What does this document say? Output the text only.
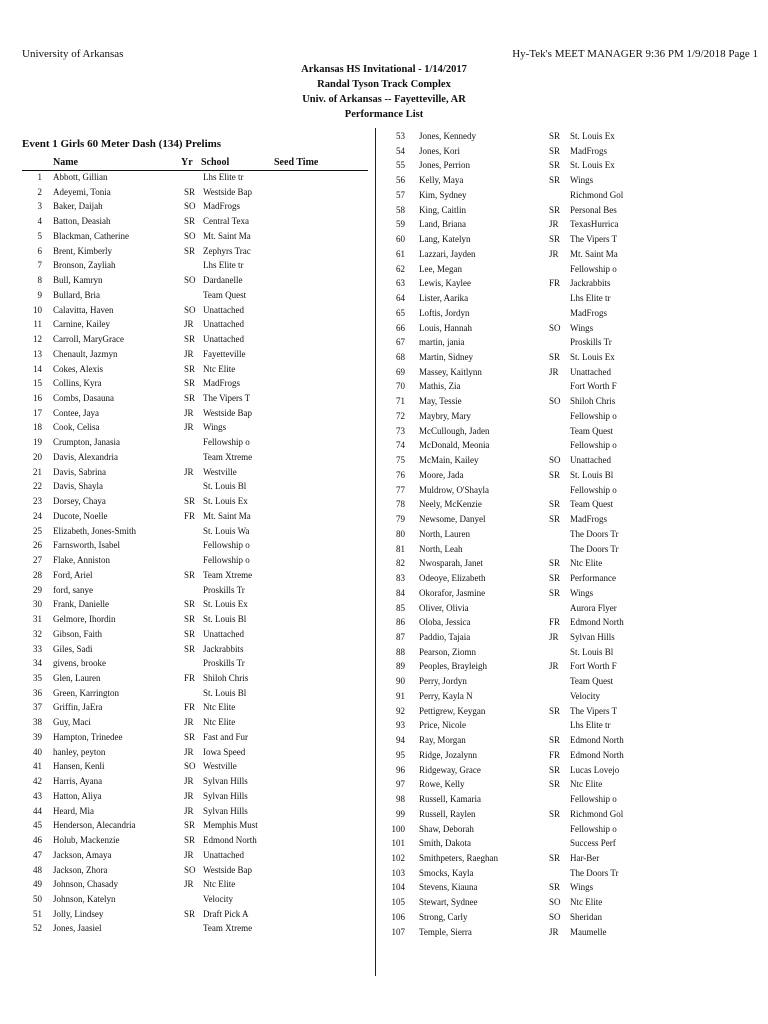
University of Arkansas	Hy-Tek's MEET MANAGER 9:36 PM 1/9/2018 Page 1
Arkansas HS Invitational - 1/14/2017
Randal Tyson Track Complex
Univ. of Arkansas -- Fayetteville, AR
Performance List
Event 1 Girls 60 Meter Dash (134) Prelims
Name	Yr School	Seed Time
1 Abbott, Gillian	Lhs Elite tr
2 Adeyemi, Tonia	SR Westside Bap
3 Baker, Daijah	SO MadFrogs
4 Batton, Deasiah	SR Central Texa
5 Blackman, Catherine	SO Mt. Saint Ma
6 Brent, Kimberly	SR Zephyrs Trac
7 Bronson, Zayliah	Lhs Elite tr
8 Bull, Kamryn	SO Dardanelle
9 Bullard, Bria	Team Quest
10 Calavitta, Haven	SO Unattached
11 Carnine, Kailey	JR	Unattached
12 Carroll, MaryGrace	SR Unattached
13 Chenault, Jazmyn	JR	Fayetteville
14 Cokes, Alexis	SR Ntc Elite
15 Collins, Kyra	SR MadFrogs
16 Combs, Dasauna	SR The Vipers T
17 Contee, Jaya	JR	Westside Bap
18 Cook, Celisa	JR	Wings
19 Crumpton, Janasia	Fellowship o
20 Davis, Alexandria	Team Xtreme
21 Davis, Sabrina	JR	Westville
22 Davis, Shayla	St. Louis Bl
23 Dorsey, Chaya	SR St. Louis Ex
24 Ducote, Noelle	FR Mt. Saint Ma
25 Elizabeth, Jones-Smith	St. Louis Wa
26 Farnsworth, Isabel	Fellowship o
27 Flake, Anniston	Fellowship o
28 Ford, Ariel	SR Team Xtreme
29 ford, sanye	Proskills Tr
30 Frank, Danielle	SR St. Louis Ex
31 Gelmore, Ihordin	SR St. Louis Bl
32 Gibson, Faith	SR Unattached
33 Giles, Sadi	SR Jackrabbits
34 givens, brooke	Proskills Tr
35 Glen, Lauren	FR Shiloh Chris
36 Green, Karrington	St. Louis Bl
37 Griffin, JaEra	FR Ntc Elite
38 Guy, Maci	JR	Ntc Elite
39 Hampton, Trinedee	SR Fast and Fur
40 hanley, peyton	JR	Iowa Speed
41 Hansen, Kenli	SO Westville
42 Harris, Ayana	JR	Sylvan Hills
43 Hatton, Aliya	JR	Sylvan Hills
44 Heard, Mia	JR	Sylvan Hills
45 Henderson, Alecandria	SR Memphis Must
46 Holub, Mackenzie	SR Edmond North
47 Jackson, Amaya	JR	Unattached
48 Jackson, Zhora	SO Westside Bap
49 Johnson, Chasady	JR	Ntc Elite
50 Johnson, Katelyn	Velocity
51 Jolly, Lindsey	SR Draft Pick A
52 Jones, Jaasiel	Team Xtreme
53 Jones, Kennedy	SR	St. Louis Ex
54 Jones, Kori	SR	MadFrogs
55 Jones, Perrion	SR	St. Louis Ex
56 Kelly, Maya	SR	Wings
57 Kim, Sydney	Richmond Gol
58 King, Caitlin	SR	Personal Bes
59 Land, Briana	JR	TexasHurrica
60 Lang, Katelyn	SR	The Vipers T
61 Lazzari, Jayden	JR	Mt. Saint Ma
62 Lee, Megan	Fellowship o
63 Lewis, Kaylee	FR	Jackrabbits
64 Lister, Aarika	Lhs Elite tr
65 Loftis, Jordyn	MadFrogs
66 Louis, Hannah	SO	Wings
67 martin, jania	Proskills Tr
68 Martin, Sidney	SR	St. Louis Ex
69 Massey, Kaitlynn	JR	Unattached
70 Mathis, Zia	Fort Worth F
71 May, Tessie	SO	Shiloh Chris
72 Maybry, Mary	Fellowship o
73 McCullough, Jaden	Team Quest
74 McDonald, Meonia	Fellowship o
75 McMain, Kailey	SO	Unattached
76 Moore, Jada	SR	St. Louis Bl
77 Muldrow, O'Shayla	Fellowship o
78 Neely, McKenzie	SR	Team Quest
79 Newsome, Danyel	SR	MadFrogs
80 North, Lauren	The Doors Tr
81 North, Leah	The Doors Tr
82 Nwosparah, Janet	SR	Ntc Elite
83 Odeoye, Elizabeth	SR	Performance
84 Okorafor, Jasmine	SR	Wings
85 Oliver, Olivia	Aurora Flyer
86 Oloba, Jessica	FR	Edmond North
87 Paddio, Tajaia	JR	Sylvan Hills
88 Pearson, Ziomn	St. Louis Bl
89 Peoples, Brayleigh	JR	Fort Worth F
90 Perry, Jordyn	Team Quest
91 Perry, Kayla N	Velocity
92 Pettigrew, Keygan	SR	The Vipers T
93 Price, Nicole	Lhs Elite tr
94 Ray, Morgan	SR	Edmond North
95 Ridge, Jozalynn	FR	Edmond North
96 Ridgeway, Grace	SR	Lucas Lovejo
97 Rowe, Kelly	SR	Ntc Elite
98 Russell, Kamaria	Fellowship o
99 Russell, Raylen	SR	Richmond Gol
100 Shaw, Deborah	Fellowship o
101 Smith, Dakota	Success Perf
102 Smithpeters, Raeghan	SR	Har-Ber
103 Smocks, Kayla	The Doors Tr
104 Stevens, Kiauna	SR	Wings
105 Stewart, Sydnee	SO	Ntc Elite
106 Strong, Carly	SO	Sheridan
107 Temple, Sierra	JR	Maumelle
